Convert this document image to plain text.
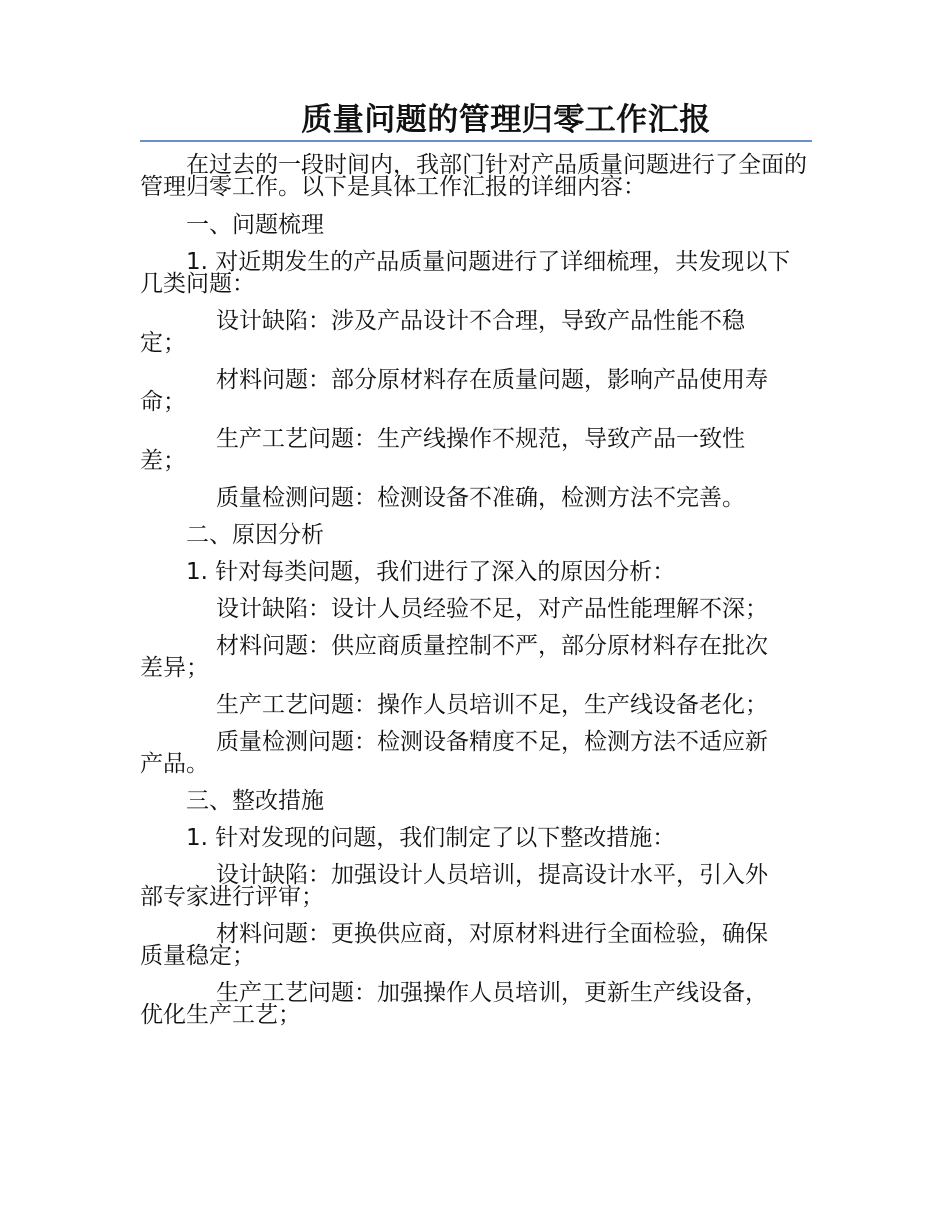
质量问题的管理归零工作汇报

在过去的一段时间内，我部门针对产品质量问题进行了全面的管理归零工作。以下是具体工作汇报的详细内容：

一、问题梳理

1. 对近期发生的产品质量问题进行了详细梳理，共发现以下几类问题：

设计缺陷：涉及产品设计不合理，导致产品性能不稳定；

材料问题：部分原材料存在质量问题，影响产品使用寿命；

生产工艺问题：生产线操作不规范，导致产品一致性差；

质量检测问题：检测设备不准确，检测方法不完善。

二、原因分析

1. 针对每类问题，我们进行了深入的原因分析：

设计缺陷：设计人员经验不足，对产品性能理解不深；

材料问题：供应商质量控制不严，部分原材料存在批次差异；

生产工艺问题：操作人员培训不足，生产线设备老化；

质量检测问题：检测设备精度不足，检测方法不适应新产品。

三、整改措施

1. 针对发现的问题，我们制定了以下整改措施：

设计缺陷：加强设计人员培训，提高设计水平，引入外部专家进行评审；

材料问题：更换供应商，对原材料进行全面检验，确保质量稳定；

生产工艺问题：加强操作人员培训，更新生产线设备，优化生产工艺；
